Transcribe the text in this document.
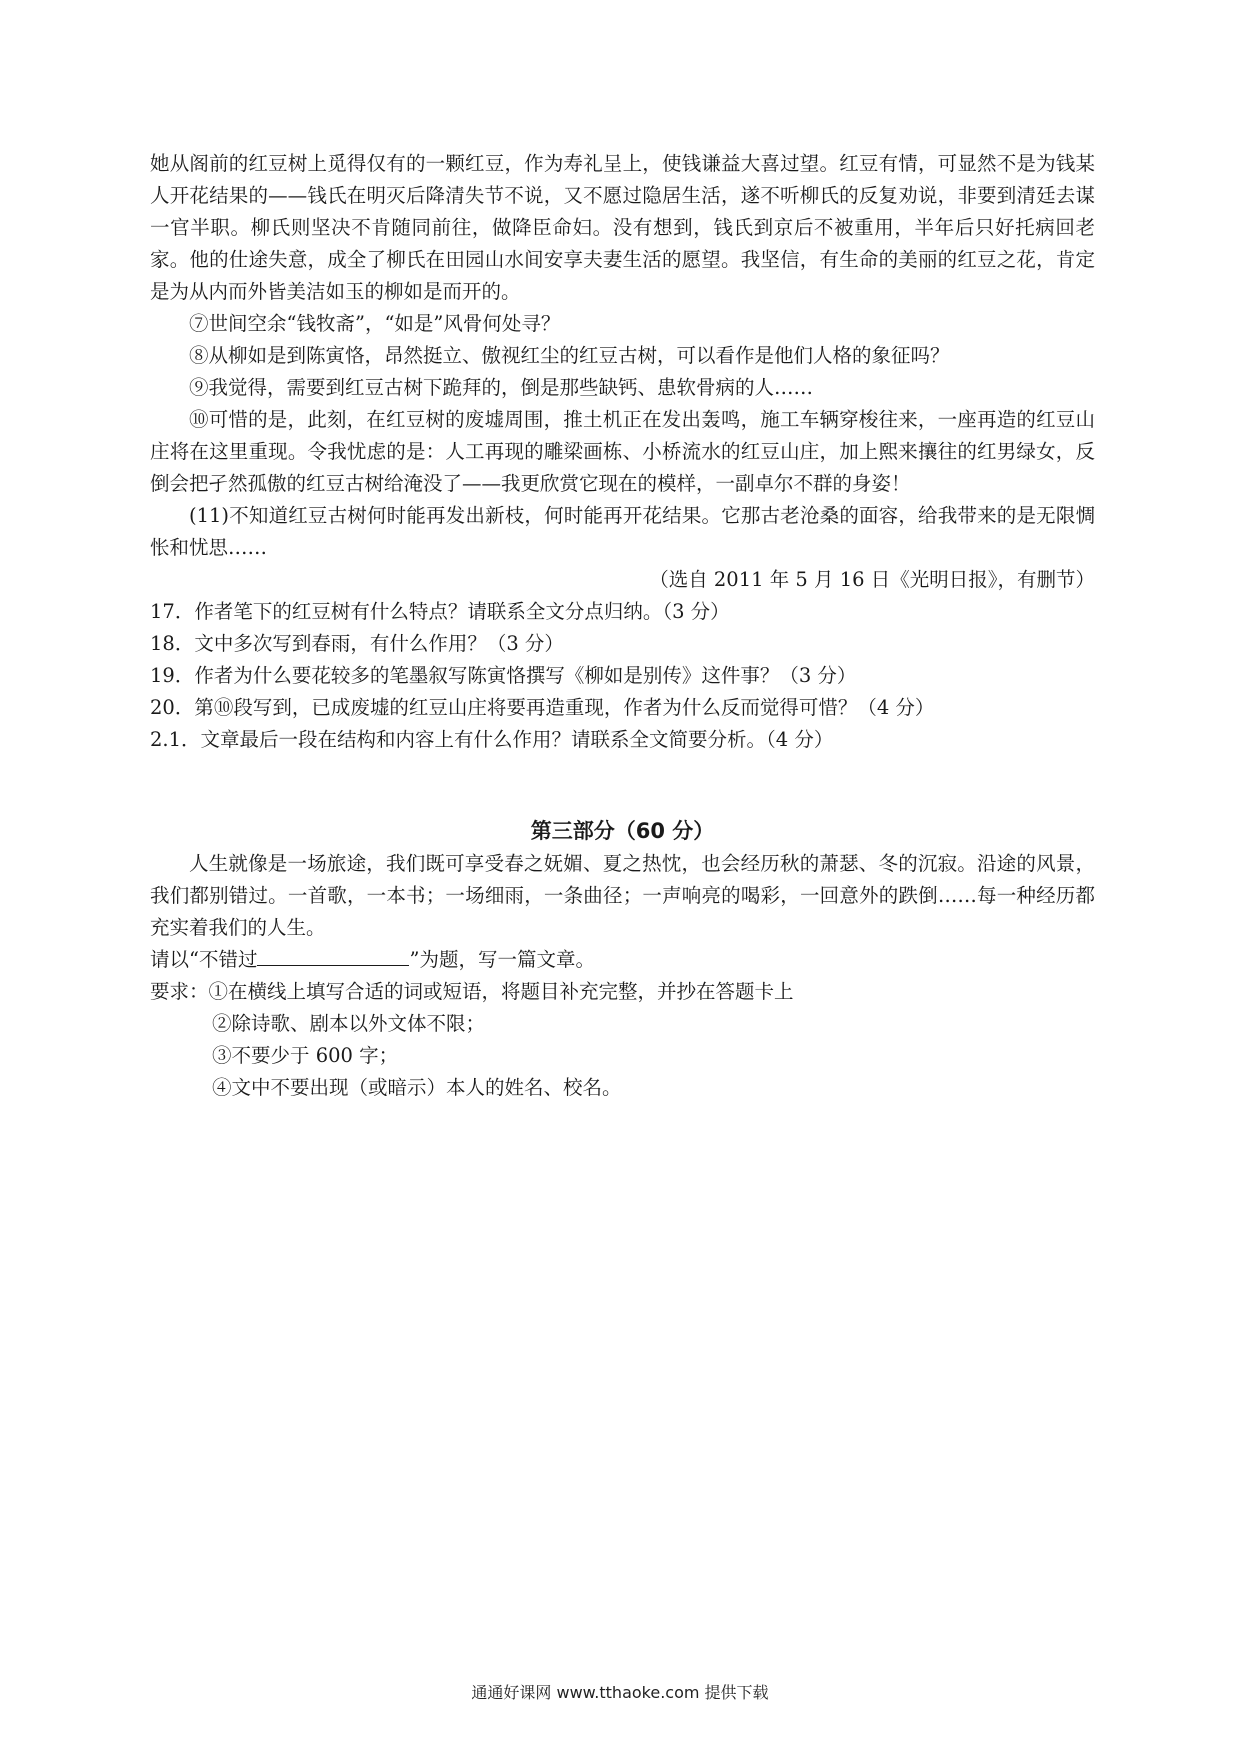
她从阁前的红豆树上觅得仅有的一颗红豆，作为寿礼呈上，使钱谦益大喜过望。红豆有情，可显然不是为钱某人开花结果的——钱氏在明灭后降清失节不说，又不愿过隐居生活，遂不听柳氏的反复劝说，非要到清廷去谋一官半职。柳氏则坚决不肯随同前往，做降臣命妇。没有想到，钱氏到京后不被重用，半年后只好托病回老家。他的仕途失意，成全了柳氏在田园山水间安享夫妻生活的愿望。我坚信，有生命的美丽的红豆之花，肯定是为从内而外皆美洁如玉的柳如是而开的。

⑦世间空余“钱牧斋”，“如是”风骨何处寻？

⑧从柳如是到陈寅恪，昂然挺立、傲视红尘的红豆古树，可以看作是他们人格的象征吗？

⑨我觉得，需要到红豆古树下跪拜的，倒是那些缺钙、患软骨病的人……

⑩可惜的是，此刻，在红豆树的废墟周围，推土机正在发出轰鸣，施工车辆穿梭往来，一座再造的红豆山庄将在这里重现。令我忧虑的是：人工再现的雕梁画栋、小桥流水的红豆山庄，加上熙来攘往的红男绿女，反倒会把孑然孤傲的红豆古树给淹没了——我更欣赏它现在的模样，一副卓尔不群的身姿！

(11)不知道红豆古树何时能再发出新枝，何时能再开花结果。它那古老沧桑的面容，给我带来的是无限惆怅和忧思……

（选自 2011 年 5 月 16 日《光明日报》，有删节）

17．作者笔下的红豆树有什么特点？请联系全文分点归纳。（3 分）

18．文中多次写到春雨，有什么作用？（3 分）

19．作者为什么要花较多的笔墨叙写陈寅恪撰写《柳如是别传》这件事？（3 分）

20．第⑩段写到，已成废墟的红豆山庄将要再造重现，作者为什么反而觉得可惜？（4 分）

2.1．文章最后一段在结构和内容上有什么作用？请联系全文简要分析。（4 分）

第三部分（60 分）

人生就像是一场旅途，我们既可享受春之妩媚、夏之热忱，也会经历秋的萧瑟、冬的沉寂。沿途的风景，我们都别错过。一首歌，一本书；一场细雨，一条曲径；一声响亮的喝彩，一回意外的跌倒……每一种经历都充实着我们的人生。

请以“不错过	”为题，写一篇文章。

要求：①在横线上填写合适的词或短语，将题目补充完整，并抄在答题卡上

②除诗歌、剧本以外文体不限；

③不要少于 600 字；

④文中不要出现（或暗示）本人的姓名、校名。

通通好课网 www.tthaoke.com 提供下载
